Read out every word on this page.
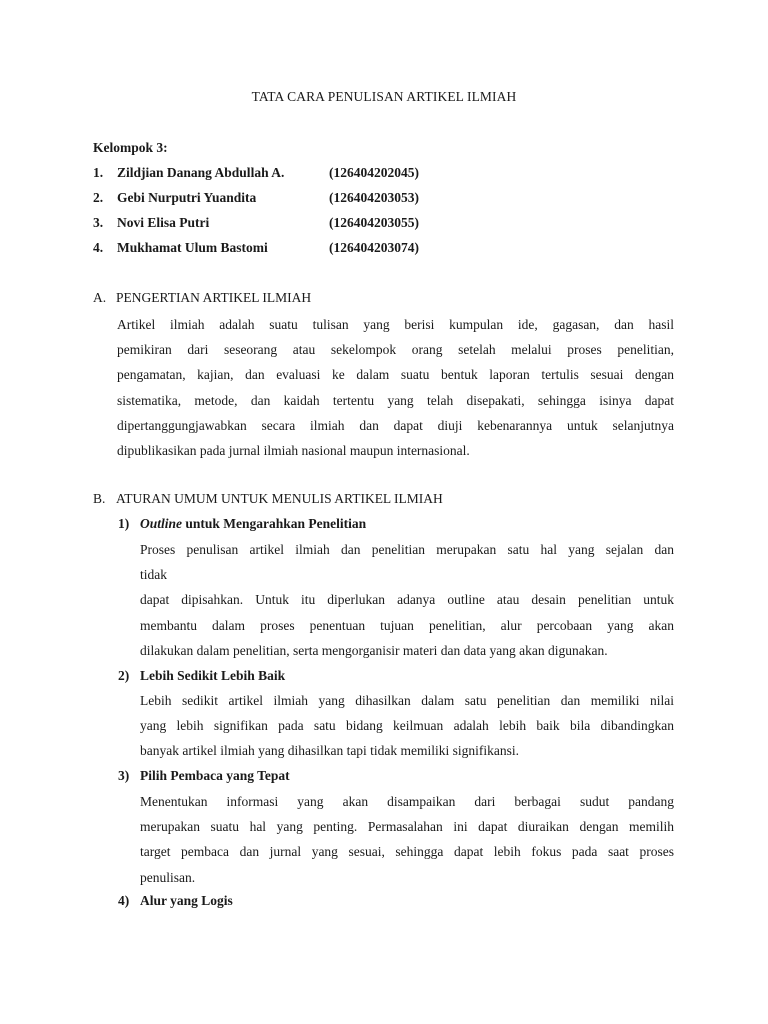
TATA CARA PENULISAN ARTIKEL ILMIAH
Kelompok 3:
1. Zildjian Danang Abdullah A.	(126404202045)
2. Gebi Nurputri Yuandita	(126404203053)
3. Novi Elisa Putri	(126404203055)
4. Mukhamat Ulum Bastomi	(126404203074)
A. PENGERTIAN ARTIKEL ILMIAH
Artikel ilmiah adalah suatu tulisan yang berisi kumpulan ide, gagasan, dan hasil
pemikiran dari seseorang atau sekelompok orang setelah melalui proses penelitian,
pengamatan, kajian, dan evaluasi ke dalam suatu bentuk laporan tertulis sesuai dengan
sistematika, metode, dan kaidah tertentu yang telah disepakati, sehingga isinya dapat
dipertanggungjawabkan secara ilmiah dan dapat diuji kebenarannya untuk selanjutnya
dipublikasikan pada jurnal ilmiah nasional maupun internasional.
B. ATURAN UMUM UNTUK MENULIS ARTIKEL ILMIAH
1) Outline untuk Mengarahkan Penelitian
Proses penulisan artikel ilmiah dan penelitian merupakan satu hal yang sejalan dan
tidak
dapat dipisahkan. Untuk itu diperlukan adanya outline atau desain penelitian untuk
membantu dalam proses penentuan tujuan penelitian, alur percobaan yang akan
dilakukan dalam penelitian, serta mengorganisir materi dan data yang akan digunakan.
2) Lebih Sedikit Lebih Baik
Lebih sedikit artikel ilmiah yang dihasilkan dalam satu penelitian dan memiliki nilai
yang lebih signifikan pada satu bidang keilmuan adalah lebih baik bila dibandingkan
banyak artikel ilmiah yang dihasilkan tapi tidak memiliki signifikansi.
3) Pilih Pembaca yang Tepat
Menentukan informasi yang akan disampaikan dari berbagai sudut pandang
merupakan suatu hal yang penting. Permasalahan ini dapat diuraikan dengan memilih
target pembaca dan jurnal yang sesuai, sehingga dapat lebih fokus pada saat proses
penulisan.
4) Alur yang Logis
